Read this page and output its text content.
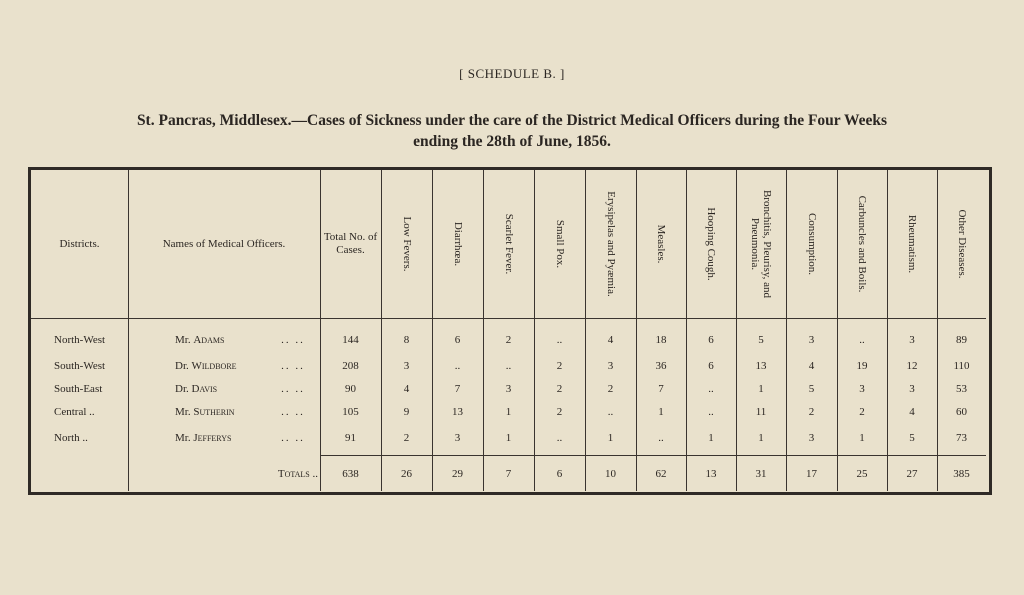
[ SCHEDULE B. ]
St. Pancras, Middlesex.—Cases of Sickness under the care of the District Medical Officers during the Four Weeks
ending the 28th of June, 1856.
Districts.	Names of Medical Officers.
Total No. of Cases.	Low Fevers.	Diarrhœa.	Scarlet Fever.	Small Pox.	Erysipelas and Pyæmia.	Measles.	Hooping Cough.	Bronchitis, Pleurisy, and Pneumonia.	Consumption.	Carbuncles and Boils.	Rheumatism.	Other Diseases.
North-West	Mr. Adams	.. ..	144	8	6	2	..	4	18	6	5	3	..	3	89
South-West	Dr. Wildbore	.. ..	208	3	..	..	2	3	36	6	13	4	19	12	110
South-East	Dr. Davis	.. ..	90	4	7	3	2	2	7	..	1	5	3	3	53
Central ..	Mr. Sutherin	.. ..	105	9	13	1	2	..	1	..	11	2	2	4	60
North ..	Mr. Jefferys	.. ..	91	2	3	1	..	1	..	1	1	3	1	5	73
Totals ..	638	26	29	7	6	10	62	13	31	17	25	27	385
